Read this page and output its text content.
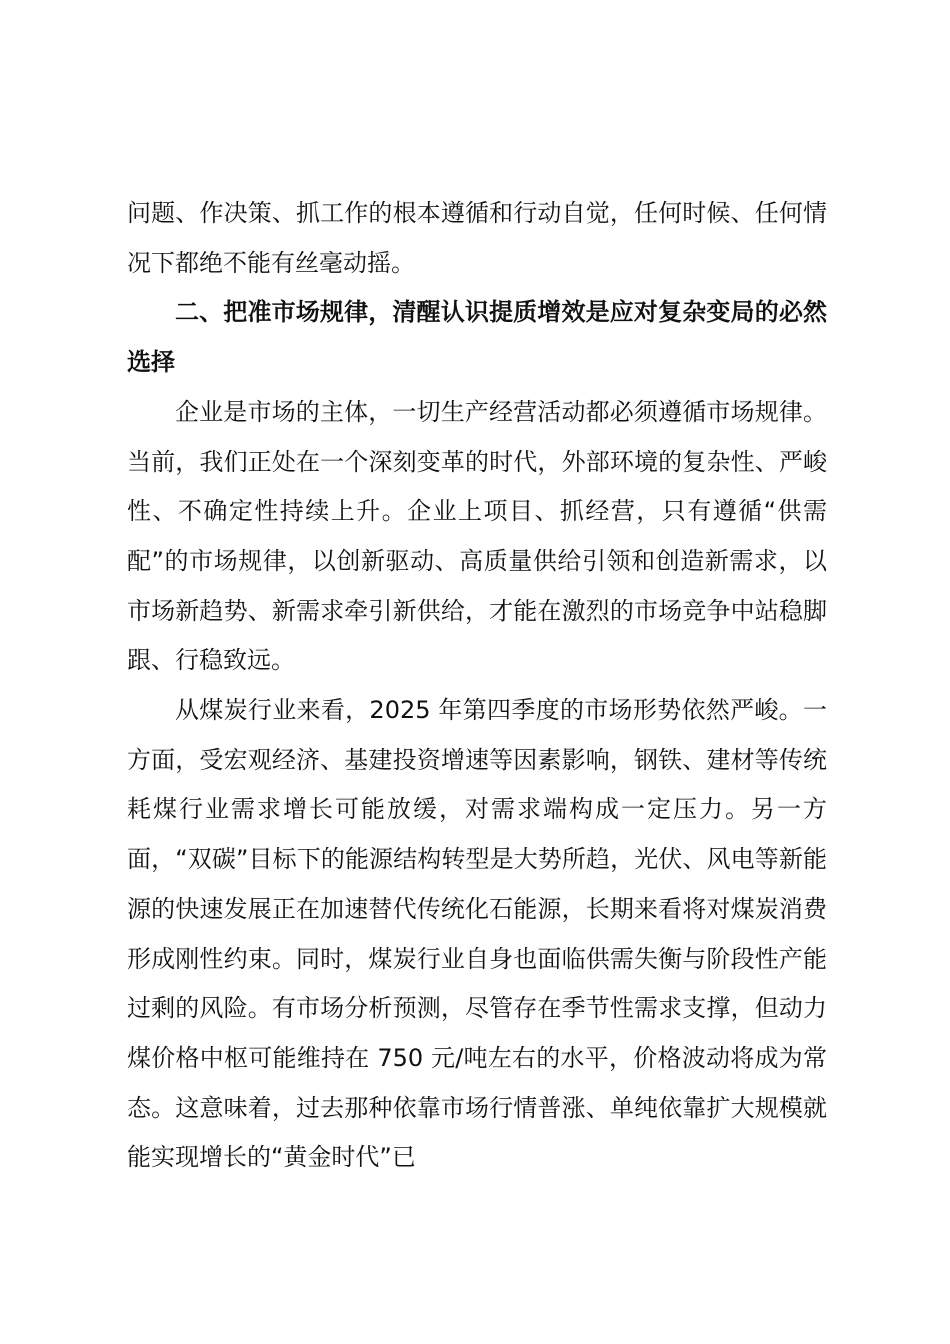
问题、作决策、抓工作的根本遵循和行动自觉，任何时候、任何情况下都绝不能有丝毫动摇。

二、把准市场规律，清醒认识提质增效是应对复杂变局的必然选择

企业是市场的主体，一切生产经营活动都必须遵循市场规律。当前，我们正处在一个深刻变革的时代，外部环境的复杂性、严峻性、不确定性持续上升。企业上项目、抓经营，只有遵循“供需配”的市场规律，以创新驱动、高质量供给引领和创造新需求，以市场新趋势、新需求牵引新供给，才能在激烈的市场竞争中站稳脚跟、行稳致远。

从煤炭行业来看，2025 年第四季度的市场形势依然严峻。一方面，受宏观经济、基建投资增速等因素影响，钢铁、建材等传统耗煤行业需求增长可能放缓，对需求端构成一定压力。另一方面，“双碳”目标下的能源结构转型是大势所趋，光伏、风电等新能源的快速发展正在加速替代传统化石能源，长期来看将对煤炭消费形成刚性约束。同时，煤炭行业自身也面临供需失衡与阶段性产能过剩的风险。有市场分析预测，尽管存在季节性需求支撑，但动力煤价格中枢可能维持在 750 元/吨左右的水平，价格波动将成为常态。这意味着，过去那种依靠市场行情普涨、单纯依靠扩大规模就能实现增长的“黄金时代”已
